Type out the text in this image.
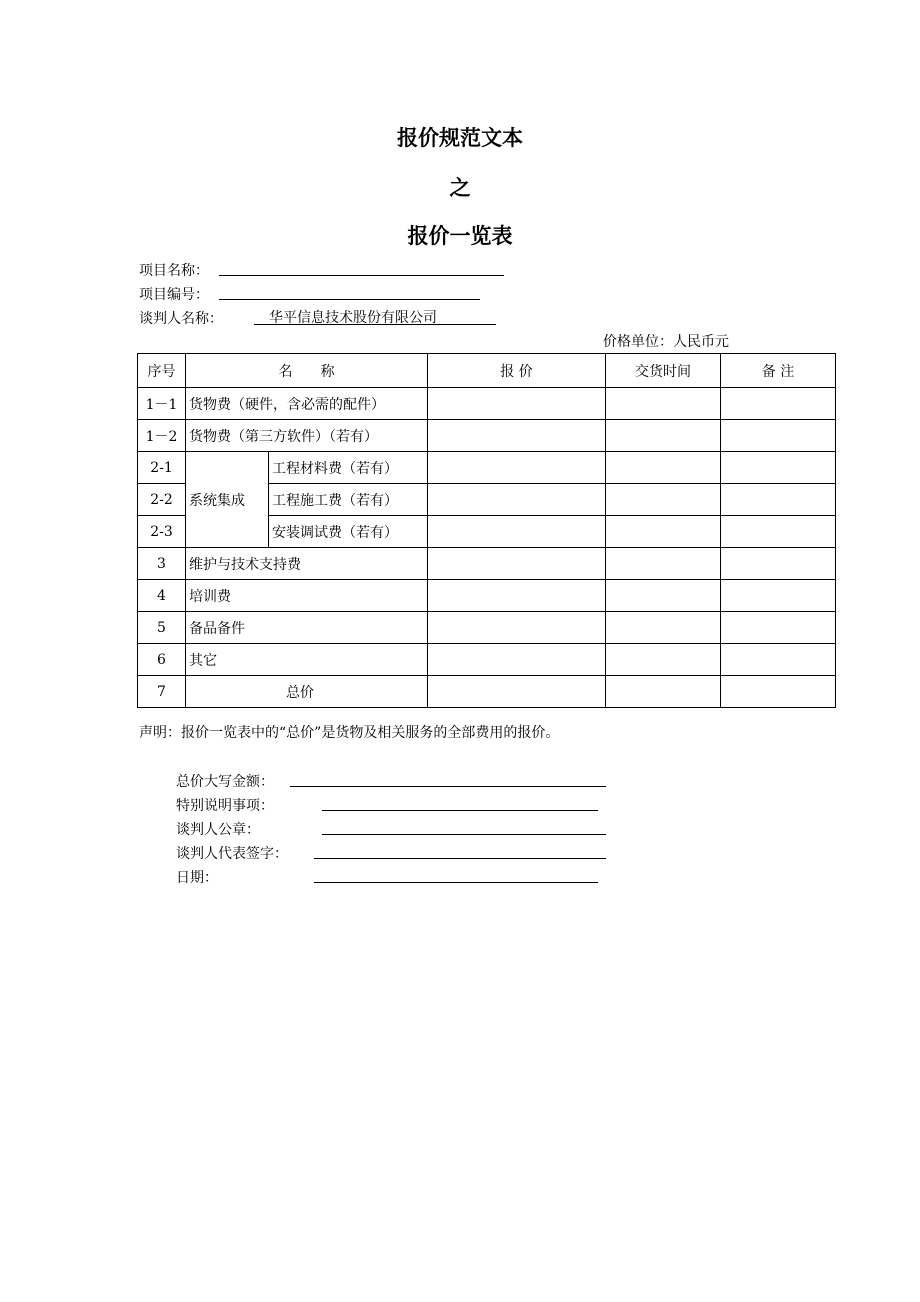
报价规范文本
之
报价一览表
项目名称：
项目编号：
谈判人名称：	华平信息技术股份有限公司
价格单位：人民币元
序号	名　　称		报 价	交货时间	备 注
1－1	货物费（硬件，含必需的配件）				
1－2	货物费（第三方软件）（若有）				
2-1	系统集成	工程材料费（若有）			
2-2		工程施工费（若有）			
2-3		安装调试费（若有）			
3	维护与技术支持费				
4	培训费				
5	备品备件				
6	其它				
7	总价				
声明：报价一览表中的“总价”是货物及相关服务的全部费用的报价。
总价大写金额：
特别说明事项：
谈判人公章：
谈判人代表签字：
日期：
